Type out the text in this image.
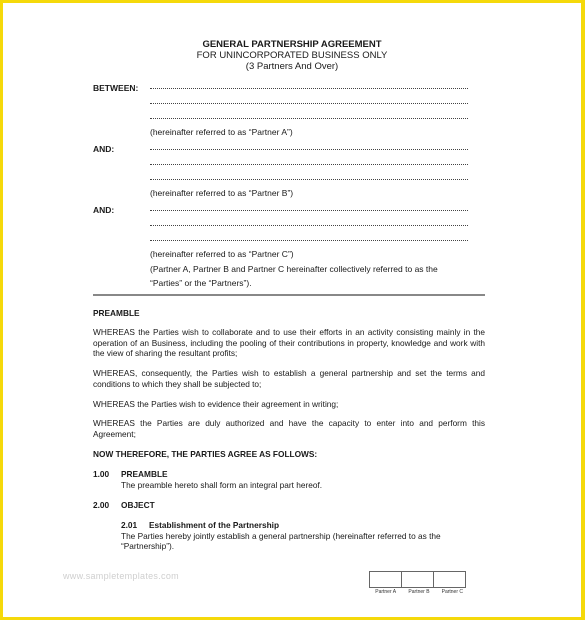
GENERAL PARTNERSHIP AGREEMENT
FOR UNINCORPORATED BUSINESS ONLY
(3 Partners And Over)
BETWEEN:
(hereinafter referred to as “Partner A”)
AND:
(hereinafter referred to as “Partner B”)
AND:
(hereinafter referred to as “Partner C”)
(Partner A, Partner B and Partner C hereinafter collectively referred to as the
“Parties” or the “Partners”).
PREAMBLE
WHEREAS the Parties wish to collaborate and to use their efforts in an activity consisting mainly in the operation of an Business, including the pooling of their contributions in property, knowledge and work with the view of sharing the resultant profits;
WHEREAS, consequently, the Parties wish to establish a general partnership and set the terms and conditions to which they shall be subjected to;
WHEREAS the Parties wish to evidence their agreement in writing;
WHEREAS the Parties are duly authorized and have the capacity to enter into and perform this Agreement;
NOW THEREFORE, THE PARTIES AGREE AS FOLLOWS:
1.00	PREAMBLE
The preamble hereto shall form an integral part hereof.
2.00	OBJECT
2.01	Establishment of the Partnership
The Parties hereby jointly establish a general partnership (hereinafter referred to as the
“Partnership”).
www.sampletemplates.com
Partner A	Partner B	Partner C
